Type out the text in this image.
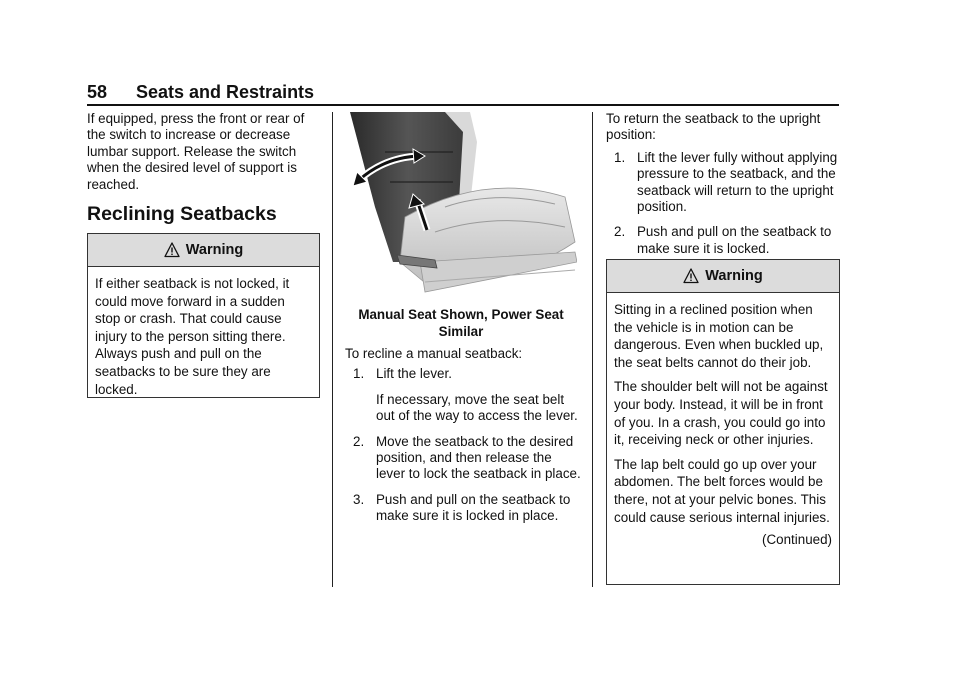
58 Seats and Restraints

If equipped, press the front or rear of the switch to increase or decrease lumbar support. Release the switch when the desired level of support is reached.

Reclining Seatbacks
Warning

If either seatback is not locked, it could move forward in a sudden stop or crash. That could cause injury to the person sitting there. Always push and pull on the seatbacks to be sure they are locked.

Manual Seat Shown, Power Seat Similar

To recline a manual seatback:

1. Lift the lever.
If necessary, move the seat belt out of the way to access the lever.
2. Move the seatback to the desired position, and then release the lever to lock the seatback in place.
3. Push and pull on the seatback to make sure it is locked in place.

To return the seatback to the upright position:

1. Lift the lever fully without applying pressure to the seatback, and the seatback will return to the upright position.
2. Push and pull on the seatback to make sure it is locked.
Warning

Sitting in a reclined position when the vehicle is in motion can be dangerous. Even when buckled up, the seat belts cannot do their job.

The shoulder belt will not be against your body. Instead, it will be in front of you. In a crash, you could go into it, receiving neck or other injuries.

The lap belt could go up over your abdomen. The belt forces would be there, not at your pelvic bones. This could cause serious internal injuries.

(Continued)
